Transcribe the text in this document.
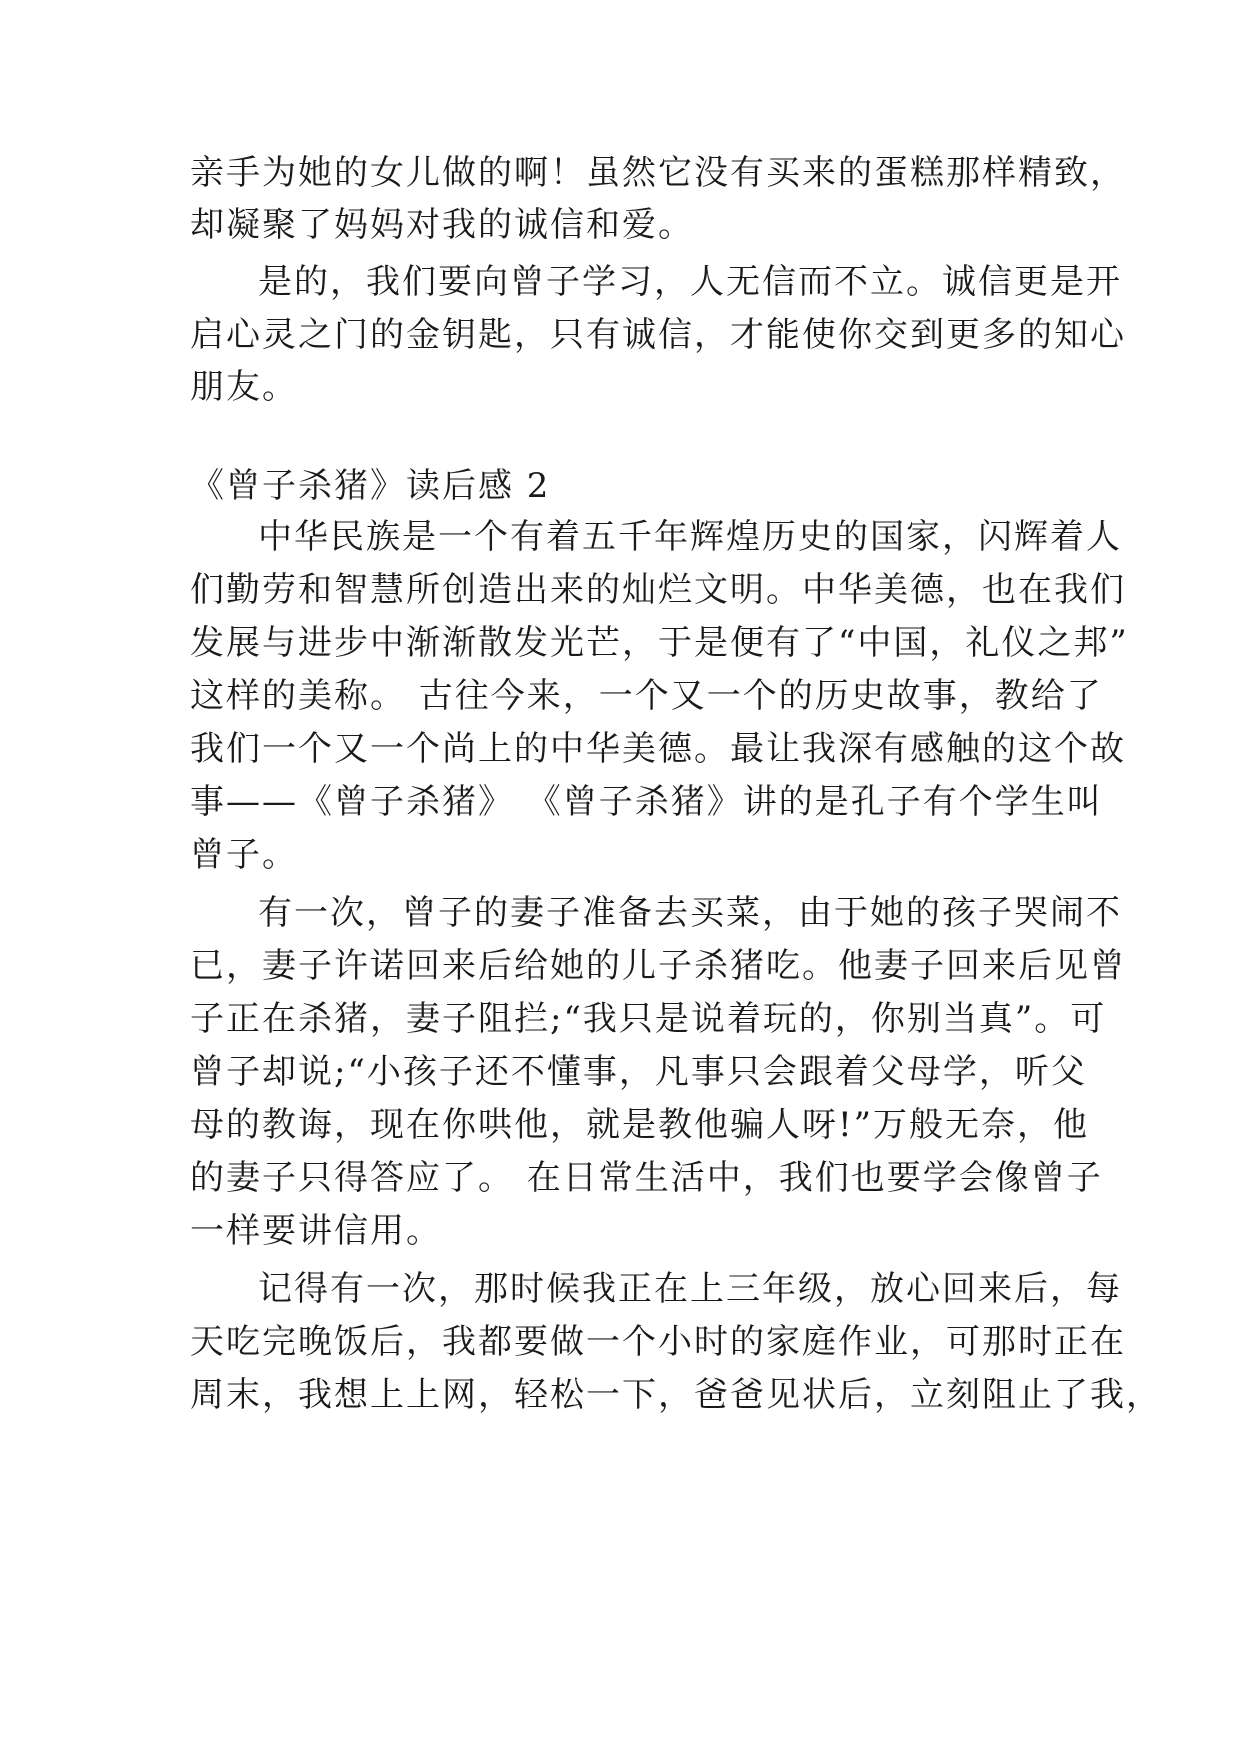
亲手为她的女儿做的啊！虽然它没有买来的蛋糕那样精致，
却凝聚了妈妈对我的诚信和爱。
是的，我们要向曾子学习，人无信而不立。诚信更是开
启心灵之门的金钥匙，只有诚信，才能使你交到更多的知心
朋友。
《曾子杀猪》读后感 2
中华民族是一个有着五千年辉煌历史的国家，闪辉着人
们勤劳和智慧所创造出来的灿烂文明。中华美德，也在我们
发展与进步中渐渐散发光芒，于是便有了“中国，礼仪之邦”
这样的美称。 古往今来，一个又一个的历史故事，教给了
我们一个又一个尚上的中华美德。最让我深有感触的这个故
事——《曾子杀猪》 《曾子杀猪》讲的是孔子有个学生叫
曾子。
有一次，曾子的妻子准备去买菜，由于她的孩子哭闹不
已，妻子许诺回来后给她的儿子杀猪吃。他妻子回来后见曾
子正在杀猪，妻子阻拦;“我只是说着玩的，你别当真”。可
曾子却说;“小孩子还不懂事，凡事只会跟着父母学，听父
母的教诲，现在你哄他，就是教他骗人呀!”万般无奈，他
的妻子只得答应了。 在日常生活中，我们也要学会像曾子
一样要讲信用。
记得有一次，那时候我正在上三年级，放心回来后，每
天吃完晚饭后，我都要做一个小时的家庭作业，可那时正在
周末，我想上上网，轻松一下，爸爸见状后，立刻阻止了我，
